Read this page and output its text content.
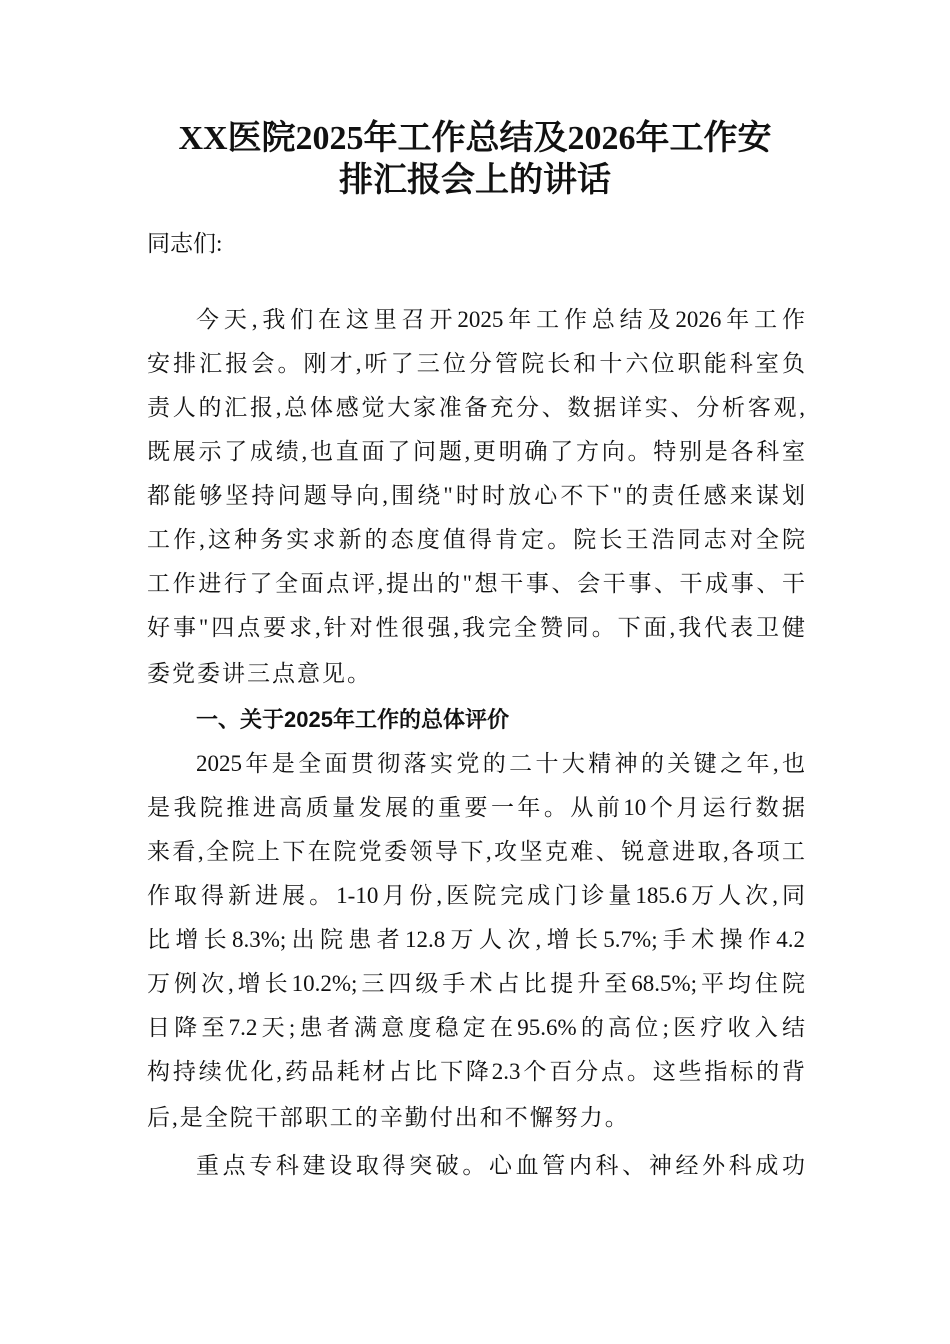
XX医院2025年工作总结及2026年工作安
排汇报会上的讲话
同志们:
今天,我们在这里召开2025年工作总结及2026年工作
安排汇报会。刚才,听了三位分管院长和十六位职能科室负
责人的汇报,总体感觉大家准备充分、数据详实、分析客观,
既展示了成绩,也直面了问题,更明确了方向。特别是各科室
都能够坚持问题导向,围绕"时时放心不下"的责任感来谋划
工作,这种务实求新的态度值得肯定。院长王浩同志对全院
工作进行了全面点评,提出的"想干事、会干事、干成事、干
好事"四点要求,针对性很强,我完全赞同。下面,我代表卫健
委党委讲三点意见。
一、关于2025年工作的总体评价
2025年是全面贯彻落实党的二十大精神的关键之年,也
是我院推进高质量发展的重要一年。从前10个月运行数据
来看,全院上下在院党委领导下,攻坚克难、锐意进取,各项工
作取得新进展。1-10月份,医院完成门诊量185.6万人次,同
比增长8.3%;出院患者12.8万人次,增长5.7%;手术操作4.2
万例次,增长10.2%;三四级手术占比提升至68.5%;平均住院
日降至7.2天;患者满意度稳定在95.6%的高位;医疗收入结
构持续优化,药品耗材占比下降2.3个百分点。这些指标的背
后,是全院干部职工的辛勤付出和不懈努力。
重点专科建设取得突破。心血管内科、神经外科成功
